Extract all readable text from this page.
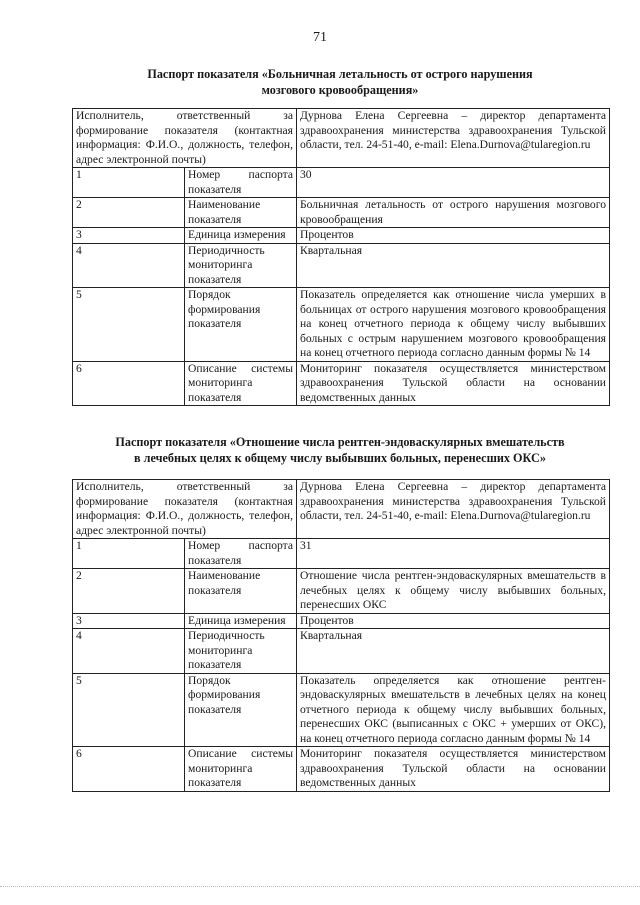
71
Паспорт показателя «Больничная летальность от острого нарушения
мозгового кровообращения»
Исполнитель, ответственный за формирование показателя (контактная информация: Ф.И.О., должность, телефон, адрес электронной почты)		Дурнова Елена Сергеевна – директор департамента здравоохранения министерства здравоохранения Тульской области, тел. 24-51-40, e-mail: Elena.Durnova@tularegion.ru
1	Номер паспорта показателя	30
2	Наименование показателя	Больничная летальность от острого нарушения мозгового кровообращения
3	Единица измерения	Процентов
4	Периодичность мониторинга показателя	Квартальная
5	Порядок формирования показателя	Показатель определяется как отношение числа умерших в больницах от острого нарушения мозгового кровообращения на конец отчетного периода к общему числу выбывших больных с острым нарушением мозгового кровообращения на конец отчетного периода согласно данным формы № 14
6	Описание системы мониторинга показателя	Мониторинг показателя осуществляется министерством здравоохранения Тульской области на основании ведомственных данных
Паспорт показателя «Отношение числа рентген-эндоваскулярных вмешательств
в лечебных целях к общему числу выбывших больных, перенесших ОКС»
Исполнитель, ответственный за формирование показателя (контактная информация: Ф.И.О., должность, телефон, адрес электронной почты)		Дурнова Елена Сергеевна – директор департамента здравоохранения министерства здравоохранения Тульской области, тел. 24-51-40, e-mail: Elena.Durnova@tularegion.ru
1	Номер паспорта показателя	31
2	Наименование показателя	Отношение числа рентген-эндоваскулярных вмешательств в лечебных целях к общему числу выбывших больных, перенесших ОКС
3	Единица измерения	Процентов
4	Периодичность мониторинга показателя	Квартальная
5	Порядок формирования показателя	Показатель определяется как отношение рентген-эндоваскулярных вмешательств в лечебных целях на конец отчетного периода к общему числу выбывших больных, перенесших ОКС (выписанных с ОКС + умерших от ОКС), на конец отчетного периода согласно данным формы № 14
6	Описание системы мониторинга показателя	Мониторинг показателя осуществляется министерством здравоохранения Тульской области на основании ведомственных данных
